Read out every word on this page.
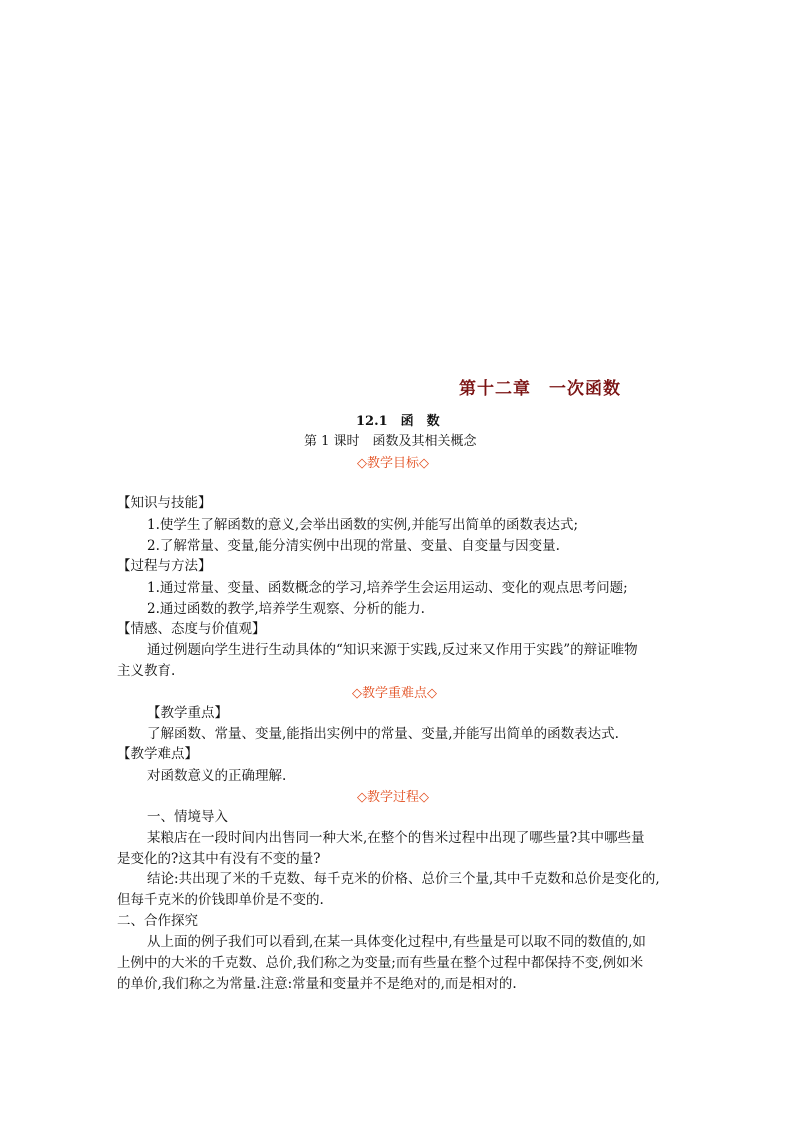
第十二章　一次函数
12.1　函　数
第 1 课时　函数及其相关概念
◇教学目标◇
【知识与技能】
1.使学生了解函数的意义,会举出函数的实例,并能写出简单的函数表达式;
2.了解常量、变量,能分清实例中出现的常量、变量、自变量与因变量.
【过程与方法】
1.通过常量、变量、函数概念的学习,培养学生会运用运动、变化的观点思考问题;
2.通过函数的教学,培养学生观察、分析的能力.
【情感、态度与价值观】
通过例题向学生进行生动具体的“知识来源于实践,反过来又作用于实践”的辩证唯物
主义教育.
◇教学重难点◇
【教学重点】
了解函数、常量、变量,能指出实例中的常量、变量,并能写出简单的函数表达式.
【教学难点】
对函数意义的正确理解.
◇教学过程◇
一、情境导入
某粮店在一段时间内出售同一种大米,在整个的售米过程中出现了哪些量?其中哪些量
是变化的?这其中有没有不变的量?
结论:共出现了米的千克数、每千克米的价格、总价三个量,其中千克数和总价是变化的,
但每千克米的价钱即单价是不变的.
二、合作探究
从上面的例子我们可以看到,在某一具体变化过程中,有些量是可以取不同的数值的,如
上例中的大米的千克数、总价,我们称之为变量;而有些量在整个过程中都保持不变,例如米
的单价,我们称之为常量.注意:常量和变量并不是绝对的,而是相对的.
